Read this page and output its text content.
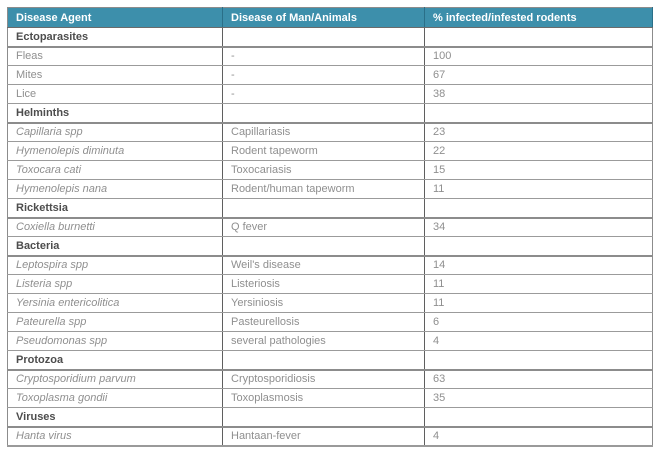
Disease Agent	Disease of Man/Animals	% infected/infested rodents
Ectoparasites		
Fleas	-	100
Mites	-	67
Lice	-	38
Helminths		
Capillaria spp	Capillariasis	23
Hymenolepis diminuta	Rodent tapeworm	22
Toxocara cati	Toxocariasis	15
Hymenolepis nana	Rodent/human tapeworm	11
Rickettsia		
Coxiella burnetti	Q fever	34
Bacteria		
Leptospira spp	Weil's disease	14
Listeria spp	Listeriosis	11
Yersinia entericolitica	Yersiniosis	11
Pateurella spp	Pasteurellosis	6
Pseudomonas spp	several pathologies	4
Protozoa		
Cryptosporidium parvum	Cryptosporidiosis	63
Toxoplasma gondii	Toxoplasmosis	35
Viruses		
Hanta virus	Hantaan-fever	4
